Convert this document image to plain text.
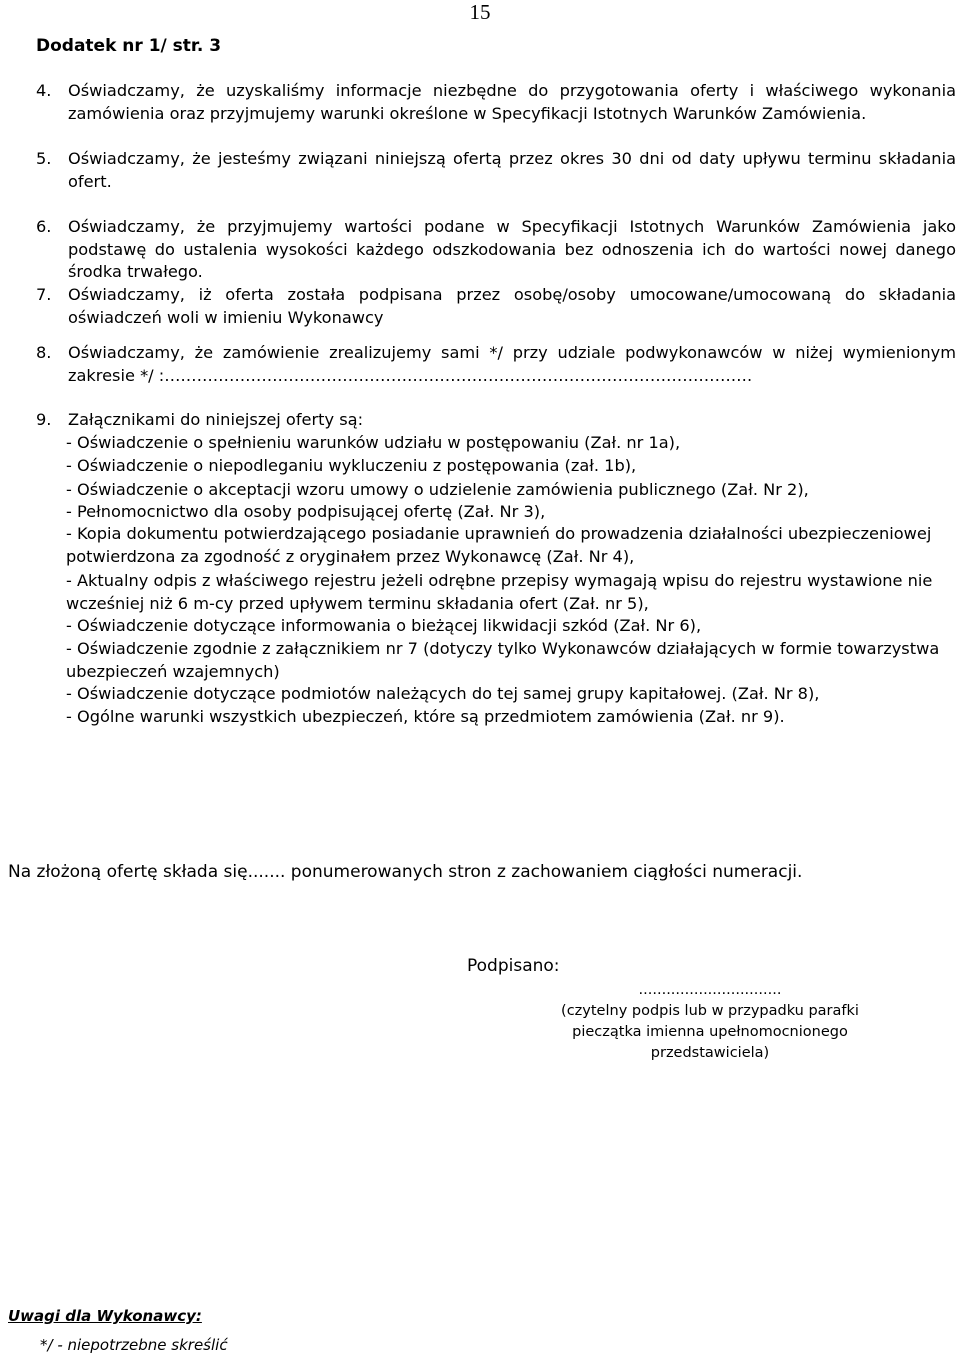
15
Dodatek nr 1/ str. 3
4.	Oświadczamy, że uzyskaliśmy informacje niezbędne do przygotowania oferty i właściwego wykonania zamówienia oraz przyjmujemy warunki określone w Specyfikacji Istotnych Warunków Zamówienia.
5.	Oświadczamy, że jesteśmy związani niniejszą ofertą przez okres 30 dni od daty upływu terminu składania ofert.
6.	Oświadczamy, że przyjmujemy wartości podane w Specyfikacji Istotnych Warunków Zamówienia jako podstawę do ustalenia wysokości każdego odszkodowania bez odnoszenia ich do wartości nowej danego środka trwałego.
7.	Oświadczamy, iż oferta została podpisana przez osobę/osoby umocowane/umocowaną do składania oświadczeń woli w imieniu Wykonawcy
8.	Oświadczamy, że zamówienie zrealizujemy sami */ przy udziale podwykonawców w niżej wymienionym zakresie */ :……………………………………………………………………………………………….
9.	Załącznikami do niniejszej oferty są:
- Oświadczenie o spełnieniu warunków udziału w postępowaniu (Zał. nr 1a),
- Oświadczenie o niepodleganiu wykluczeniu z postępowania (zał. 1b),
- Oświadczenie o akceptacji wzoru umowy o udzielenie zamówienia publicznego (Zał. Nr 2),
- Pełnomocnictwo dla osoby podpisującej ofertę (Zał. Nr 3),
- Kopia dokumentu potwierdzającego posiadanie uprawnień do prowadzenia działalności ubezpieczeniowej potwierdzona za zgodność z oryginałem przez Wykonawcę (Zał. Nr 4),
- Aktualny odpis z właściwego rejestru jeżeli odrębne przepisy wymagają wpisu do rejestru wystawione nie wcześniej niż 6 m-cy przed upływem terminu składania ofert (Zał. nr 5),
- Oświadczenie dotyczące informowania o bieżącej likwidacji szkód (Zał. Nr 6),
- Oświadczenie zgodnie z załącznikiem nr 7 (dotyczy tylko Wykonawców działających w formie towarzystwa ubezpieczeń wzajemnych)
- Oświadczenie dotyczące podmiotów należących do tej samej grupy kapitałowej. (Zał. Nr 8),
- Ogólne warunki wszystkich ubezpieczeń, które są przedmiotem zamówienia (Zał. nr 9).
Na złożoną ofertę składa się....... ponumerowanych stron z zachowaniem ciągłości numeracji.
Podpisano:
...............................
(czytelny podpis lub w przypadku parafki
pieczątka imienna upełnomocnionego
przedstawiciela)
Uwagi dla Wykonawcy:
*/ - niepotrzebne skreślić
